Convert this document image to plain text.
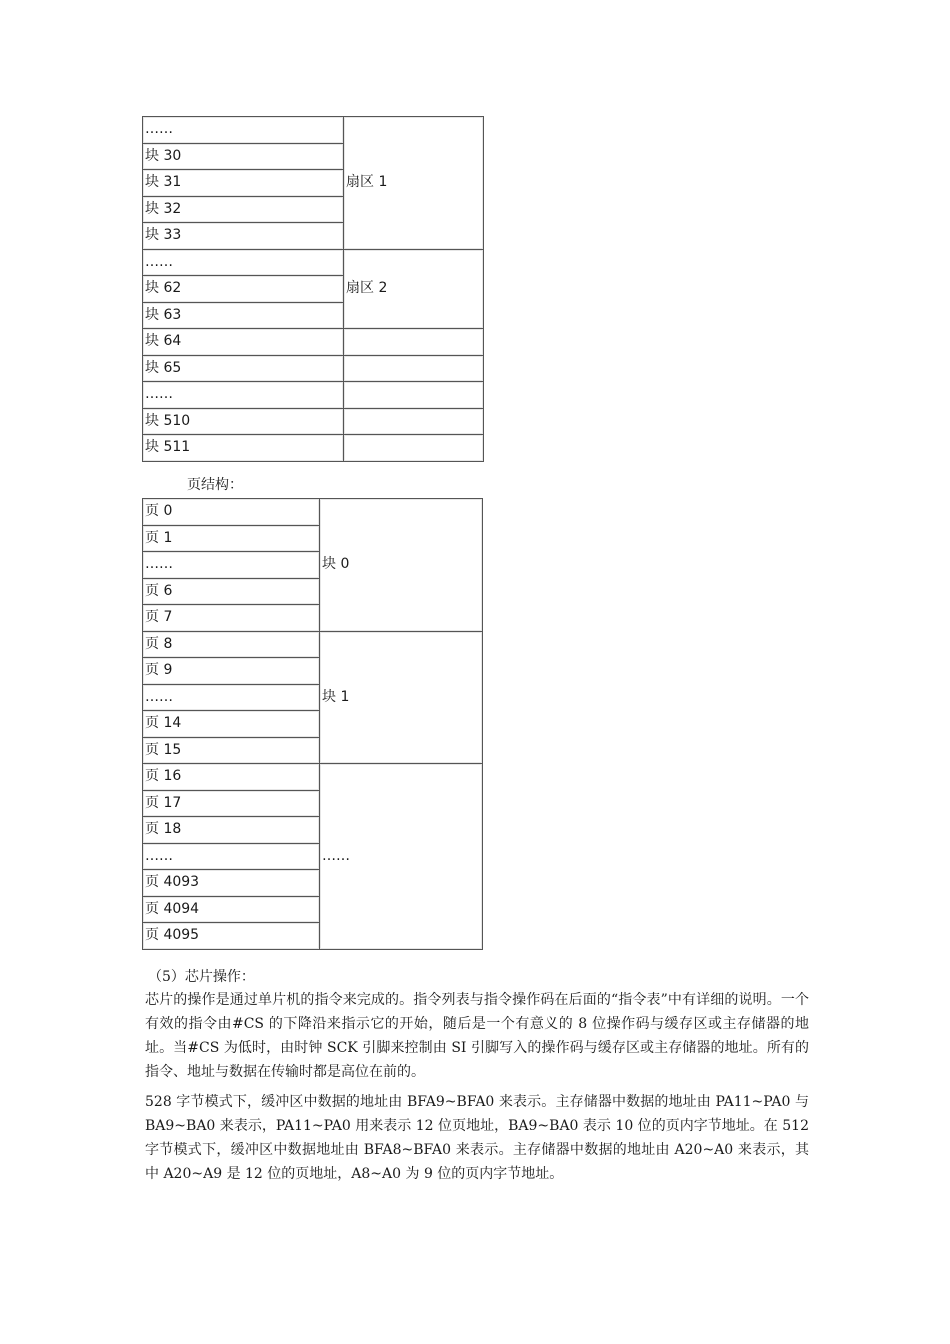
……	扇区 1
块 30	
块 31	
块 32	
块 33	
……	扇区 2
块 62	
块 63	
块 64	
块 65	
……	
块 510	
块 511	
页结构：
页 0	块 0
页 1	
……	
页 6	
页 7	
页 8	块 1
页 9	
……	
页 14	
页 15	
页 16	……
页 17	
页 18	
……	
页 4093	
页 4094	
页 4095	
（5）芯片操作：

芯片的操作是通过单片机的指令来完成的。指令列表与指令操作码在后面的“指令表”中有详细的说明。一个有效的指令由#CS 的下降沿来指示它的开始，随后是一个有意义的 8 位操作码与缓存区或主存储器的地址。当#CS 为低时，由时钟 SCK 引脚来控制由 SI 引脚写入的操作码与缓存区或主存储器的地址。所有的指令、地址与数据在传输时都是高位在前的。

528 字节模式下，缓冲区中数据的地址由 BFA9~BFA0 来表示。主存储器中数据的地址由 PA11~PA0 与 BA9~BA0 来表示，PA11~PA0 用来表示 12 位页地址，BA9~BA0 表示 10 位的页内字节地址。在 512 字节模式下，缓冲区中数据地址由 BFA8~BFA0 来表示。主存储器中数据的地址由 A20~A0 来表示，其中 A20~A9 是 12 位的页地址，A8~A0 为 9 位的页内字节地址。
